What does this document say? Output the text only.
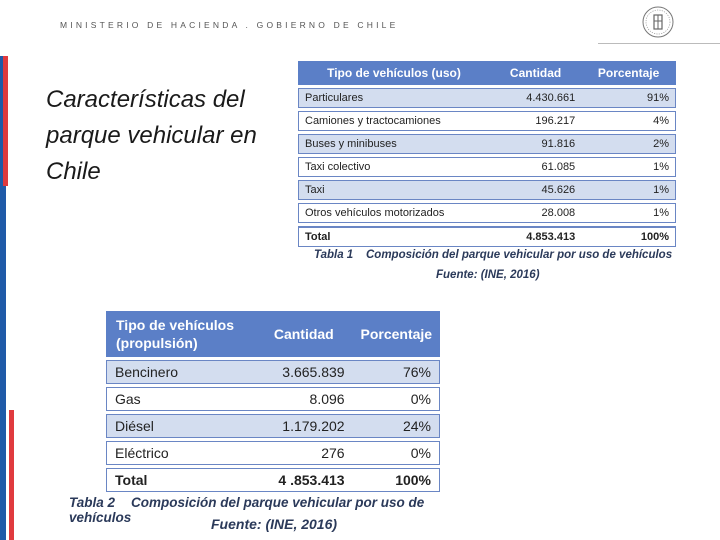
MINISTERIO DE HACIENDA . GOBIERNO DE CHILE
Características del parque vehicular en Chile
Tipo de vehículos (uso)	Cantidad	Porcentaje
Particulares	4.430.661	91%
Camiones y tractocamiones	196.217	4%
Buses y minibuses	91.816	2%
Taxi colectivo	61.085	1%
Taxi	45.626	1%
Otros vehículos motorizados	28.008	1%
Total	4.853.413	100%
Tabla 1 Composición del parque vehicular por uso de vehículos
Fuente: (INE, 2016)
Tipo de vehículos (propulsión)	Cantidad	Porcentaje
Bencinero	3.665.839	76%
Gas	8.096	0%
Diésel	1.179.202	24%
Eléctrico	276	0%
Total	4 .853.413	100%
Tabla 2 Composición del parque vehicular por uso de vehículos	Fuente: (INE, 2016)
